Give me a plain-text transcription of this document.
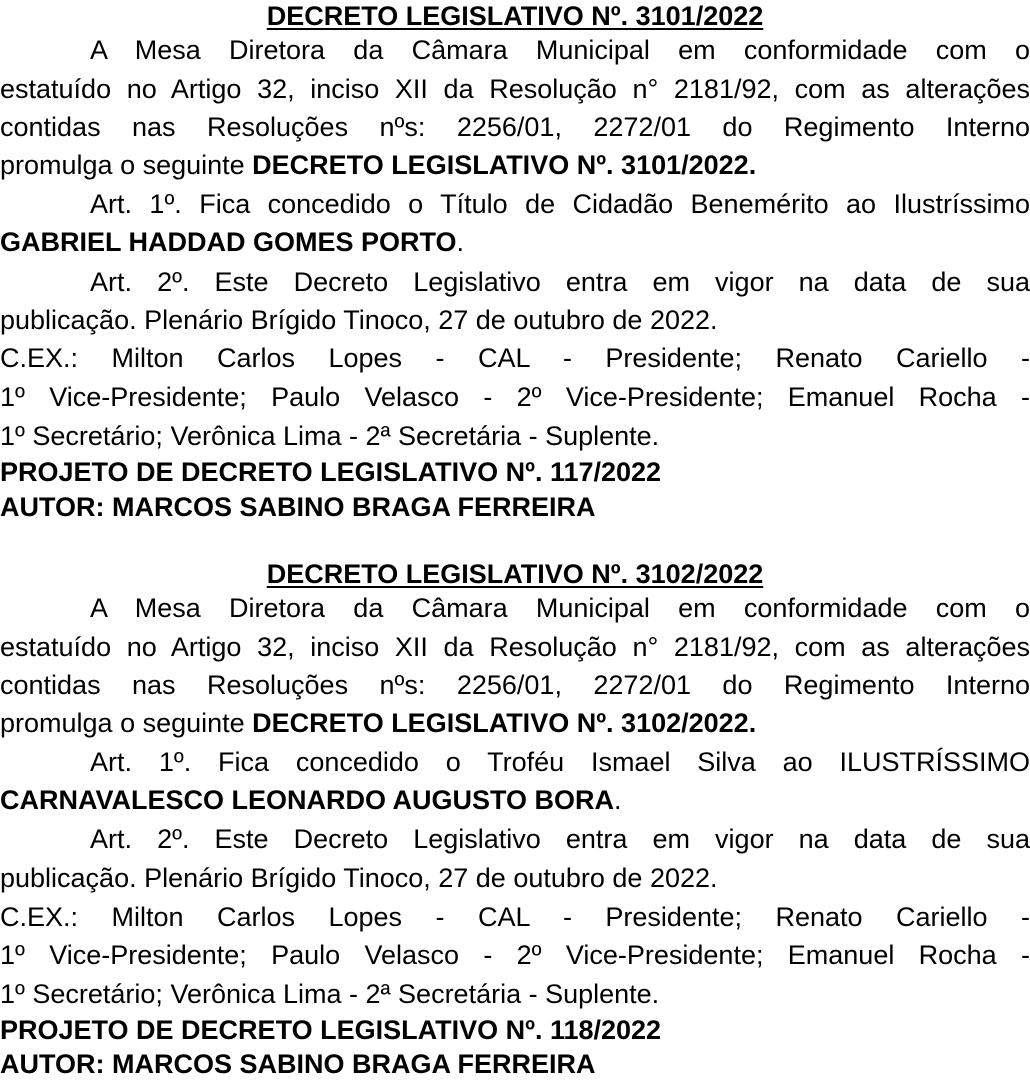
DECRETO LEGISLATIVO Nº. 3101/2022
A Mesa Diretora da Câmara Municipal em conformidade com o
estatuído no Artigo 32, inciso XII da Resolução n° 2181/92, com as alterações
contidas nas Resoluções nºs: 2256/01, 2272/01 do Regimento Interno
promulga o seguinte DECRETO LEGISLATIVO Nº. 3101/2022.
Art. 1º. Fica concedido o Título de Cidadão Benemérito ao Ilustríssimo
GABRIEL HADDAD GOMES PORTO.
Art. 2º. Este Decreto Legislativo entra em vigor na data de sua
publicação. Plenário Brígido Tinoco, 27 de outubro de 2022.
C.EX.: Milton Carlos Lopes - CAL - Presidente; Renato Cariello -
1º Vice-Presidente; Paulo Velasco - 2º Vice-Presidente; Emanuel Rocha -
1º Secretário; Verônica Lima - 2ª Secretária - Suplente.
PROJETO DE DECRETO LEGISLATIVO Nº. 117/2022
AUTOR: MARCOS SABINO BRAGA FERREIRA
DECRETO LEGISLATIVO Nº. 3102/2022
A Mesa Diretora da Câmara Municipal em conformidade com o
estatuído no Artigo 32, inciso XII da Resolução n° 2181/92, com as alterações
contidas nas Resoluções nºs: 2256/01, 2272/01 do Regimento Interno
promulga o seguinte DECRETO LEGISLATIVO Nº. 3102/2022.
Art. 1º. Fica concedido o Troféu Ismael Silva ao ILUSTRÍSSIMO
CARNAVALESCO LEONARDO AUGUSTO BORA.
Art. 2º. Este Decreto Legislativo entra em vigor na data de sua
publicação. Plenário Brígido Tinoco, 27 de outubro de 2022.
C.EX.: Milton Carlos Lopes - CAL - Presidente; Renato Cariello -
1º Vice-Presidente; Paulo Velasco - 2º Vice-Presidente; Emanuel Rocha -
1º Secretário; Verônica Lima - 2ª Secretária - Suplente.
PROJETO DE DECRETO LEGISLATIVO Nº. 118/2022
AUTOR: MARCOS SABINO BRAGA FERREIRA
